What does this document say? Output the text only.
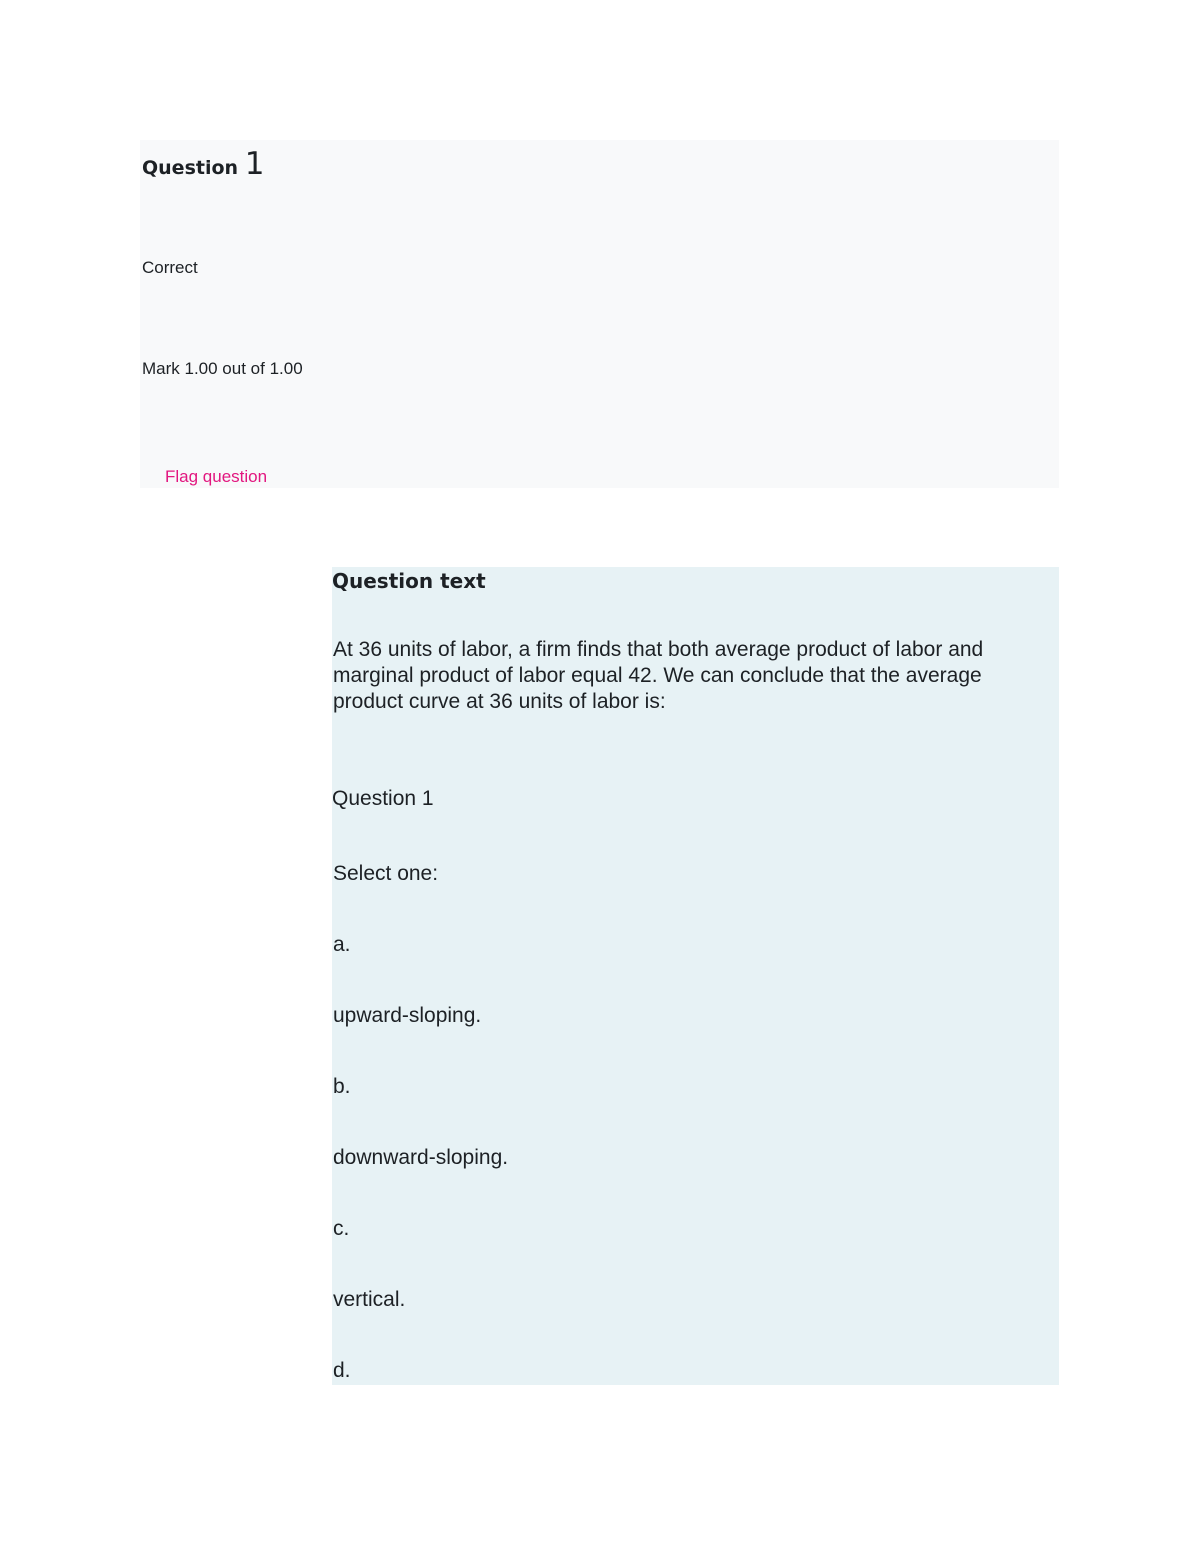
Question 1
Correct
Mark 1.00 out of 1.00
Flag question
Question text

At 36 units of labor, a firm finds that both average product of labor and marginal product of labor equal 42. We can conclude that the average product curve at 36 units of labor is:

Question 1
Select one:
a.
upward-sloping.
b.
downward-sloping.
c.
vertical.
d.
